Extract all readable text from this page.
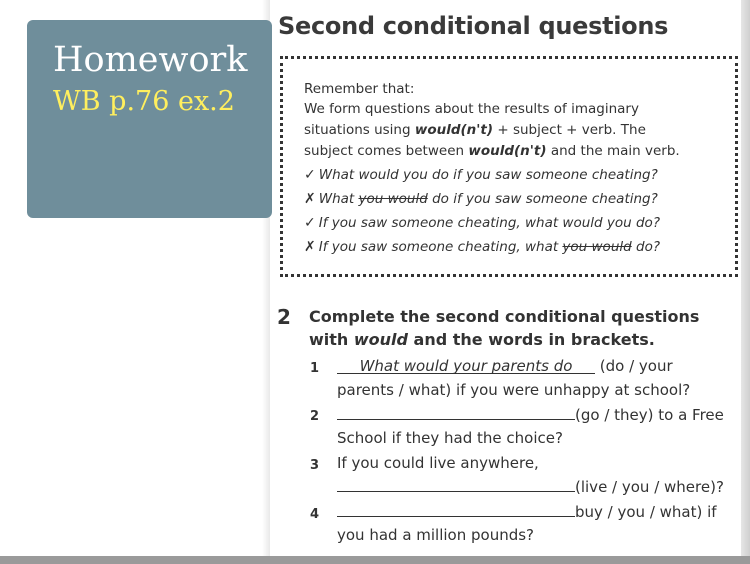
Homework
WB p.76 ex.2
Second conditional questions
Remember that:
We form questions about the results of imaginary
situations using would(n't) + subject + verb. The
subject comes between would(n't) and the main verb.
✓ What would you do if you saw someone cheating?
✗ What you would do if you saw someone cheating?
✓ If you saw someone cheating, what would you do?
✗ If you saw someone cheating, what you would do?
2 Complete the second conditional questions
with would and the words in brackets.
1	What would your parents do (do / your
parents / what) if you were unhappy at school?
2	(go / they) to a Free
School if they had the choice?
3 If you could live anywhere,
(live / you / where)?
4	buy / you / what) if
you had a million pounds?
